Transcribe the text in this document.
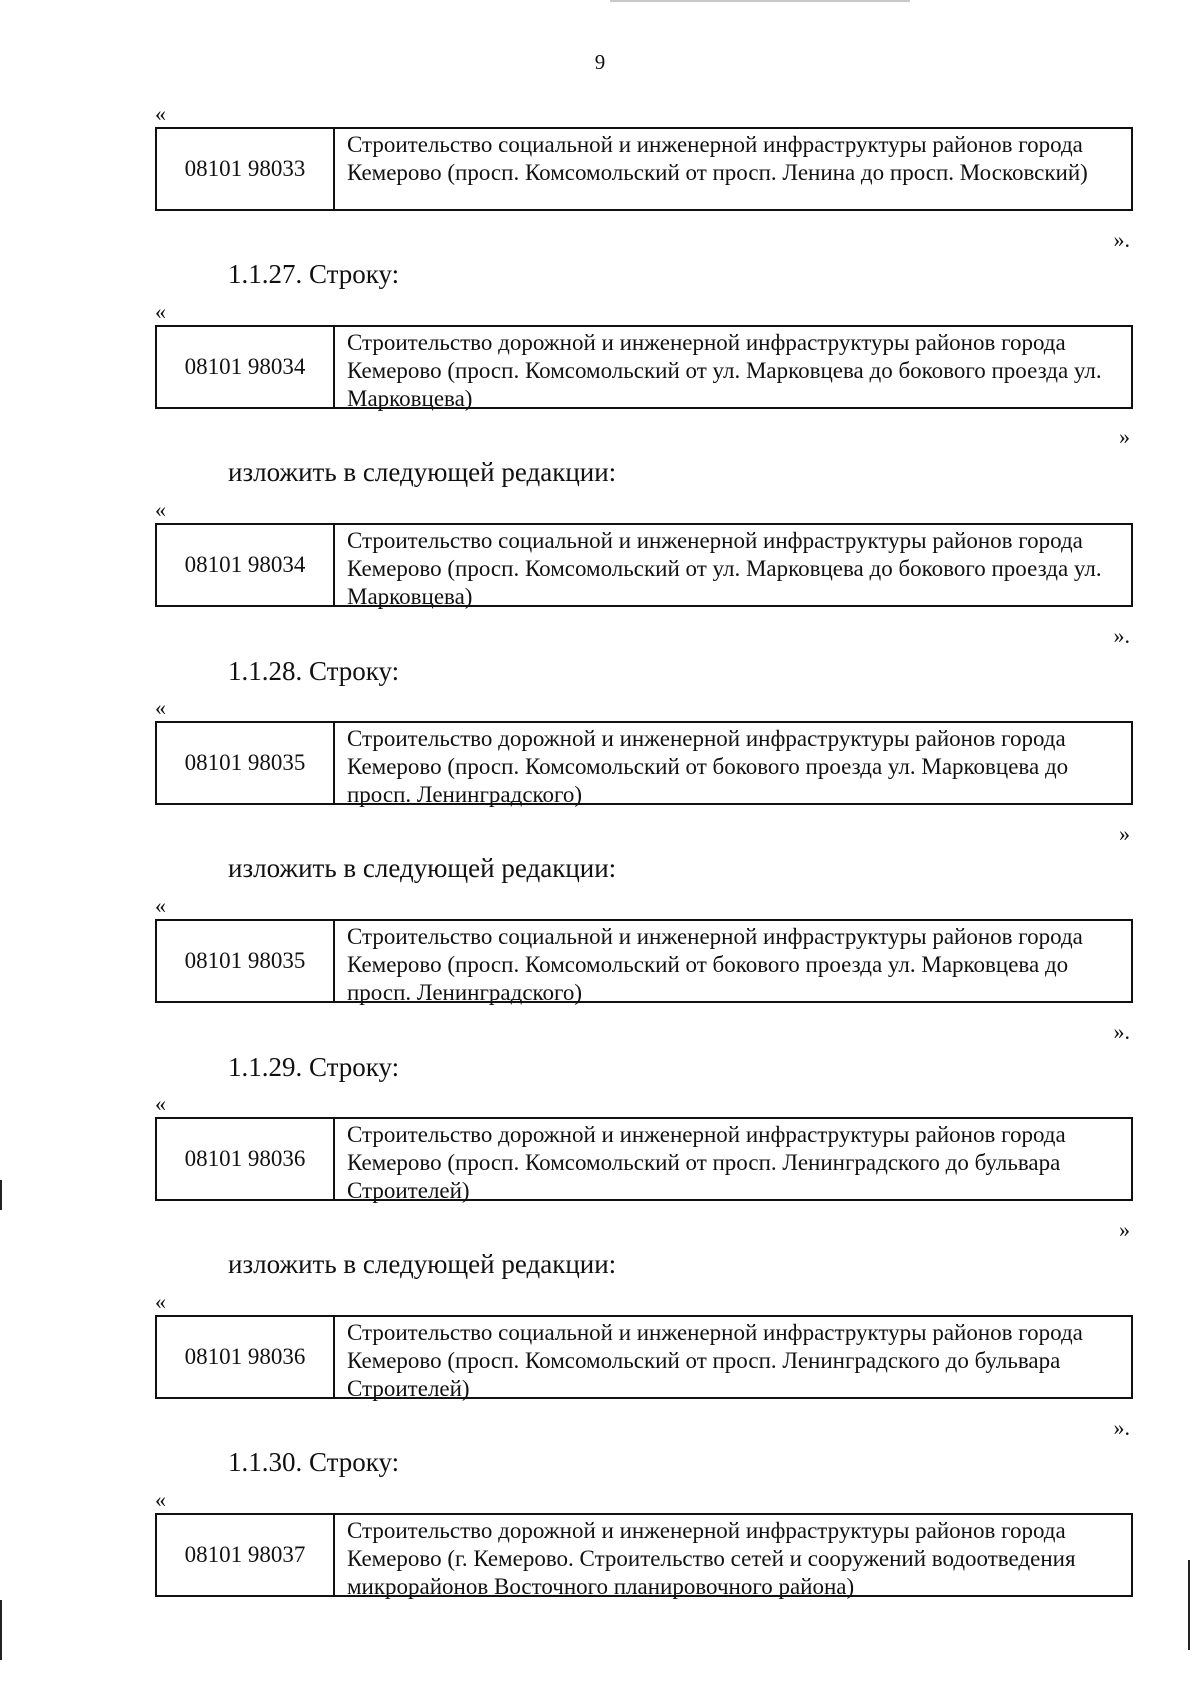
9
«
08101 98033
Строительство социальной и инженерной инфраструктуры районов города Кемерово (просп. Комсомольский от просп. Ленина до просп. Московский)
».
1.1.27. Строку:
«
08101 98034
Строительство дорожной и инженерной инфраструктуры районов города Кемерово (просп. Комсомольский от ул. Марковцева до бокового проезда ул. Марковцева)
»
изложить в следующей редакции:
«
08101 98034
Строительство социальной и инженерной инфраструктуры районов города Кемерово (просп. Комсомольский от ул. Марковцева до бокового проезда ул. Марковцева)
».
1.1.28. Строку:
«
08101 98035
Строительство дорожной и инженерной инфраструктуры районов города Кемерово (просп. Комсомольский от бокового проезда ул. Марковцева до просп. Ленинградского)
»
изложить в следующей редакции:
«
08101 98035
Строительство социальной и инженерной инфраструктуры районов города Кемерово (просп. Комсомольский от бокового проезда ул. Марковцева до просп. Ленинградского)
».
1.1.29. Строку:
«
08101 98036
Строительство дорожной и инженерной инфраструктуры районов города Кемерово (просп. Комсомольский от просп. Ленинградского до бульвара Строителей)
»
изложить в следующей редакции:
«
08101 98036
Строительство социальной и инженерной инфраструктуры районов города Кемерово (просп. Комсомольский от просп. Ленинградского до бульвара Строителей)
».
1.1.30. Строку:
«
08101 98037
Строительство дорожной и инженерной инфраструктуры районов города Кемерово (г. Кемерово. Строительство сетей и сооружений водоотведения микрорайонов Восточного планировочного района)
